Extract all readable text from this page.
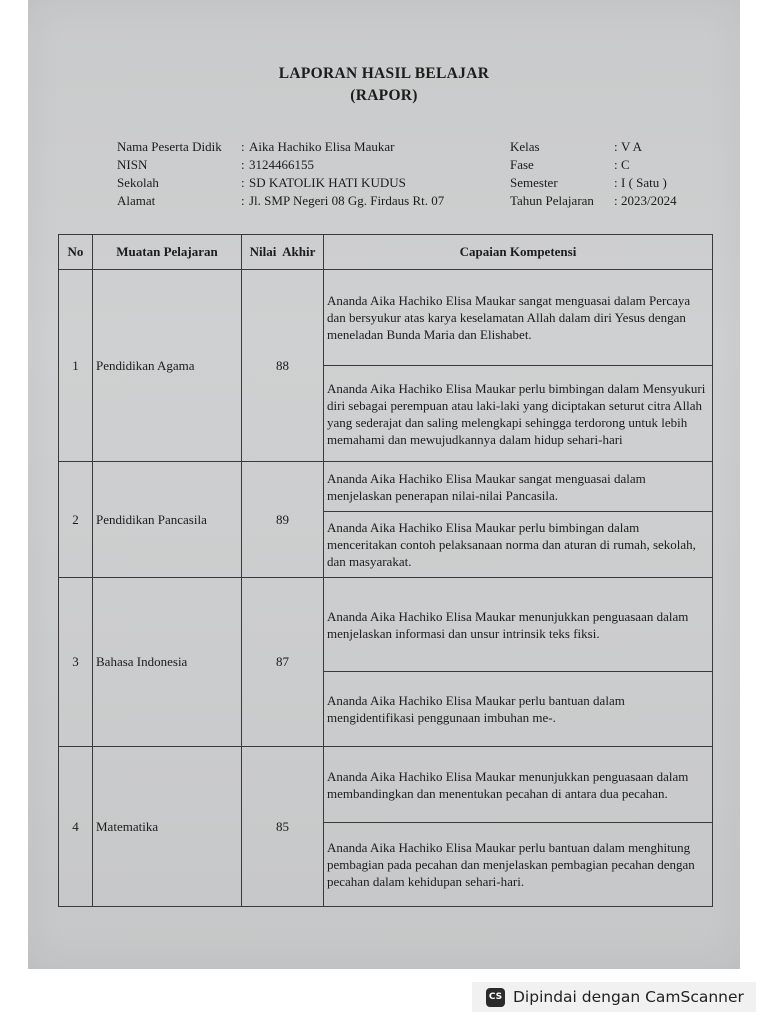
LAPORAN HASIL BELAJAR
(RAPOR)
Nama Peserta Didik : Aika Hachiko Elisa Maukar
NISN	: 3124466155
Sekolah	: SD KATOLIK HATI KUDUS
Alamat	: Jl. SMP Negeri 08 Gg. Firdaus Rt. 07
Kelas	: V A
Fase	: C
Semester	: I ( Satu )
Tahun Pelajaran : 2023/2024
No	Muatan Pelajaran	Nilai  Akhir	Capaian Kompetensi
1	Pendidikan Agama	88	Ananda Aika Hachiko Elisa Maukar sangat menguasai dalam Percaya dan bersyukur atas karya keselamatan Allah dalam diri Yesus dengan meneladan Bunda Maria dan Elishabet.
			Ananda Aika Hachiko Elisa Maukar perlu bimbingan dalam Mensyukuri diri sebagai perempuan atau laki-laki yang diciptakan seturut citra Allah yang sederajat dan saling melengkapi sehingga terdorong untuk lebih memahami dan mewujudkannya dalam hidup sehari-hari
2	Pendidikan Pancasila	89	Ananda Aika Hachiko Elisa Maukar sangat menguasai dalam menjelaskan penerapan nilai-nilai Pancasila.
			Ananda Aika Hachiko Elisa Maukar perlu bimbingan dalam menceritakan contoh pelaksanaan norma dan aturan di rumah, sekolah, dan masyarakat.
3	Bahasa Indonesia	87	Ananda Aika Hachiko Elisa Maukar menunjukkan penguasaan dalam menjelaskan informasi dan unsur intrinsik teks fiksi.
			Ananda Aika Hachiko Elisa Maukar perlu bantuan dalam mengidentifikasi penggunaan imbuhan me-.
4	Matematika	85	Ananda Aika Hachiko Elisa Maukar menunjukkan penguasaan dalam membandingkan dan menentukan pecahan di antara dua pecahan.
			Ananda Aika Hachiko Elisa Maukar perlu bantuan dalam menghitung pembagian pada pecahan dan menjelaskan pembagian pecahan dengan pecahan dalam kehidupan sehari-hari.
CS Dipindai dengan CamScanner
